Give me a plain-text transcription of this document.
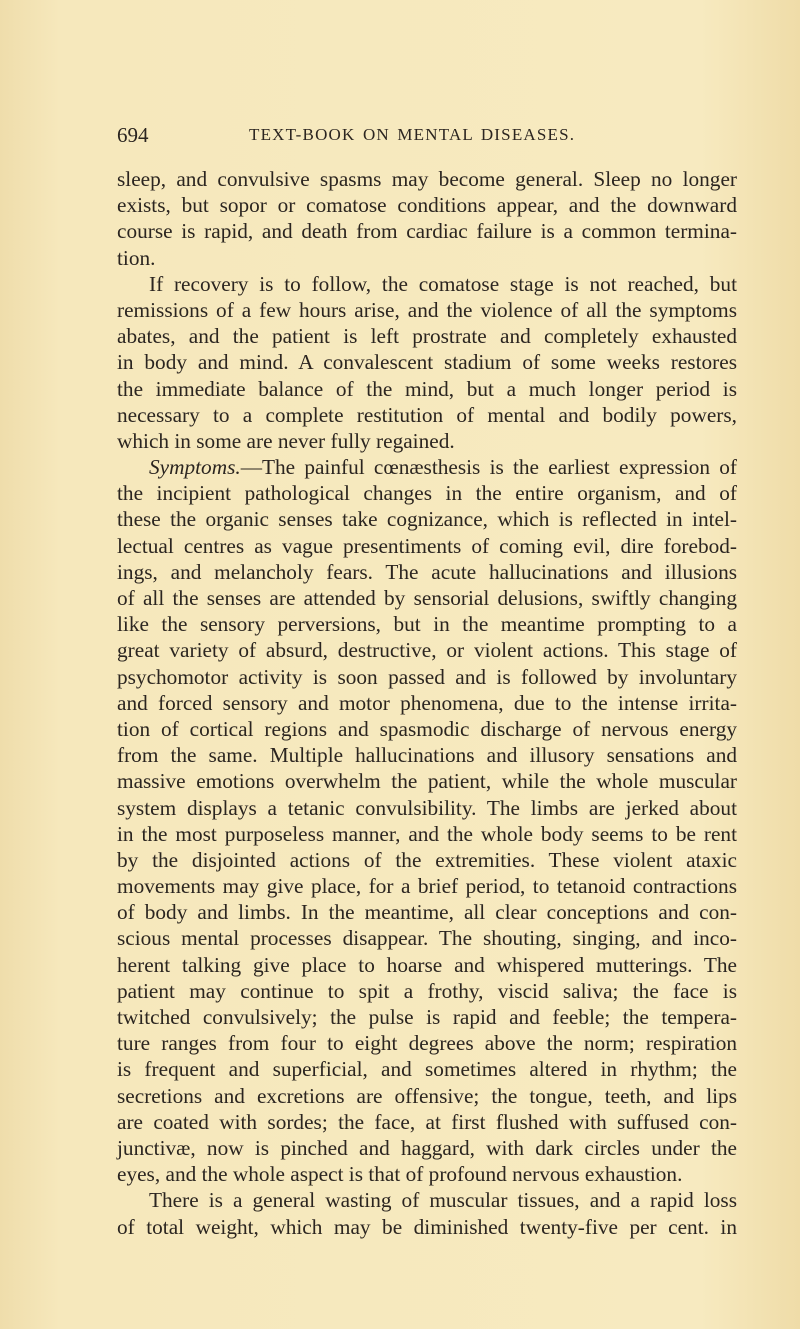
694	TEXT-BOOK ON MENTAL DISEASES.
sleep, and convulsive spasms may become general. Sleep no longer
exists, but sopor or comatose conditions appear, and the downward
course is rapid, and death from cardiac failure is a common termina-
tion.
If recovery is to follow, the comatose stage is not reached, but
remissions of a few hours arise, and the violence of all the symptoms
abates, and the patient is left prostrate and completely exhausted
in body and mind. A convalescent stadium of some weeks restores
the immediate balance of the mind, but a much longer period is
necessary to a complete restitution of mental and bodily powers,
which in some are never fully regained.
Symptoms.—The painful cœnæsthesis is the earliest expression of
the incipient pathological changes in the entire organism, and of
these the organic senses take cognizance, which is reflected in intel-
lectual centres as vague presentiments of coming evil, dire forebod-
ings, and melancholy fears. The acute hallucinations and illusions
of all the senses are attended by sensorial delusions, swiftly changing
like the sensory perversions, but in the meantime prompting to a
great variety of absurd, destructive, or violent actions. This stage of
psychomotor activity is soon passed and is followed by involuntary
and forced sensory and motor phenomena, due to the intense irrita-
tion of cortical regions and spasmodic discharge of nervous energy
from the same. Multiple hallucinations and illusory sensations and
massive emotions overwhelm the patient, while the whole muscular
system displays a tetanic convulsibility. The limbs are jerked about
in the most purposeless manner, and the whole body seems to be rent
by the disjointed actions of the extremities. These violent ataxic
movements may give place, for a brief period, to tetanoid contractions
of body and limbs. In the meantime, all clear conceptions and con-
scious mental processes disappear. The shouting, singing, and inco-
herent talking give place to hoarse and whispered mutterings. The
patient may continue to spit a frothy, viscid saliva; the face is
twitched convulsively; the pulse is rapid and feeble; the tempera-
ture ranges from four to eight degrees above the norm; respiration
is frequent and superficial, and sometimes altered in rhythm; the
secretions and excretions are offensive; the tongue, teeth, and lips
are coated with sordes; the face, at first flushed with suffused con-
junctivæ, now is pinched and haggard, with dark circles under the
eyes, and the whole aspect is that of profound nervous exhaustion.
There is a general wasting of muscular tissues, and a rapid loss
of total weight, which may be diminished twenty-five per cent. in
